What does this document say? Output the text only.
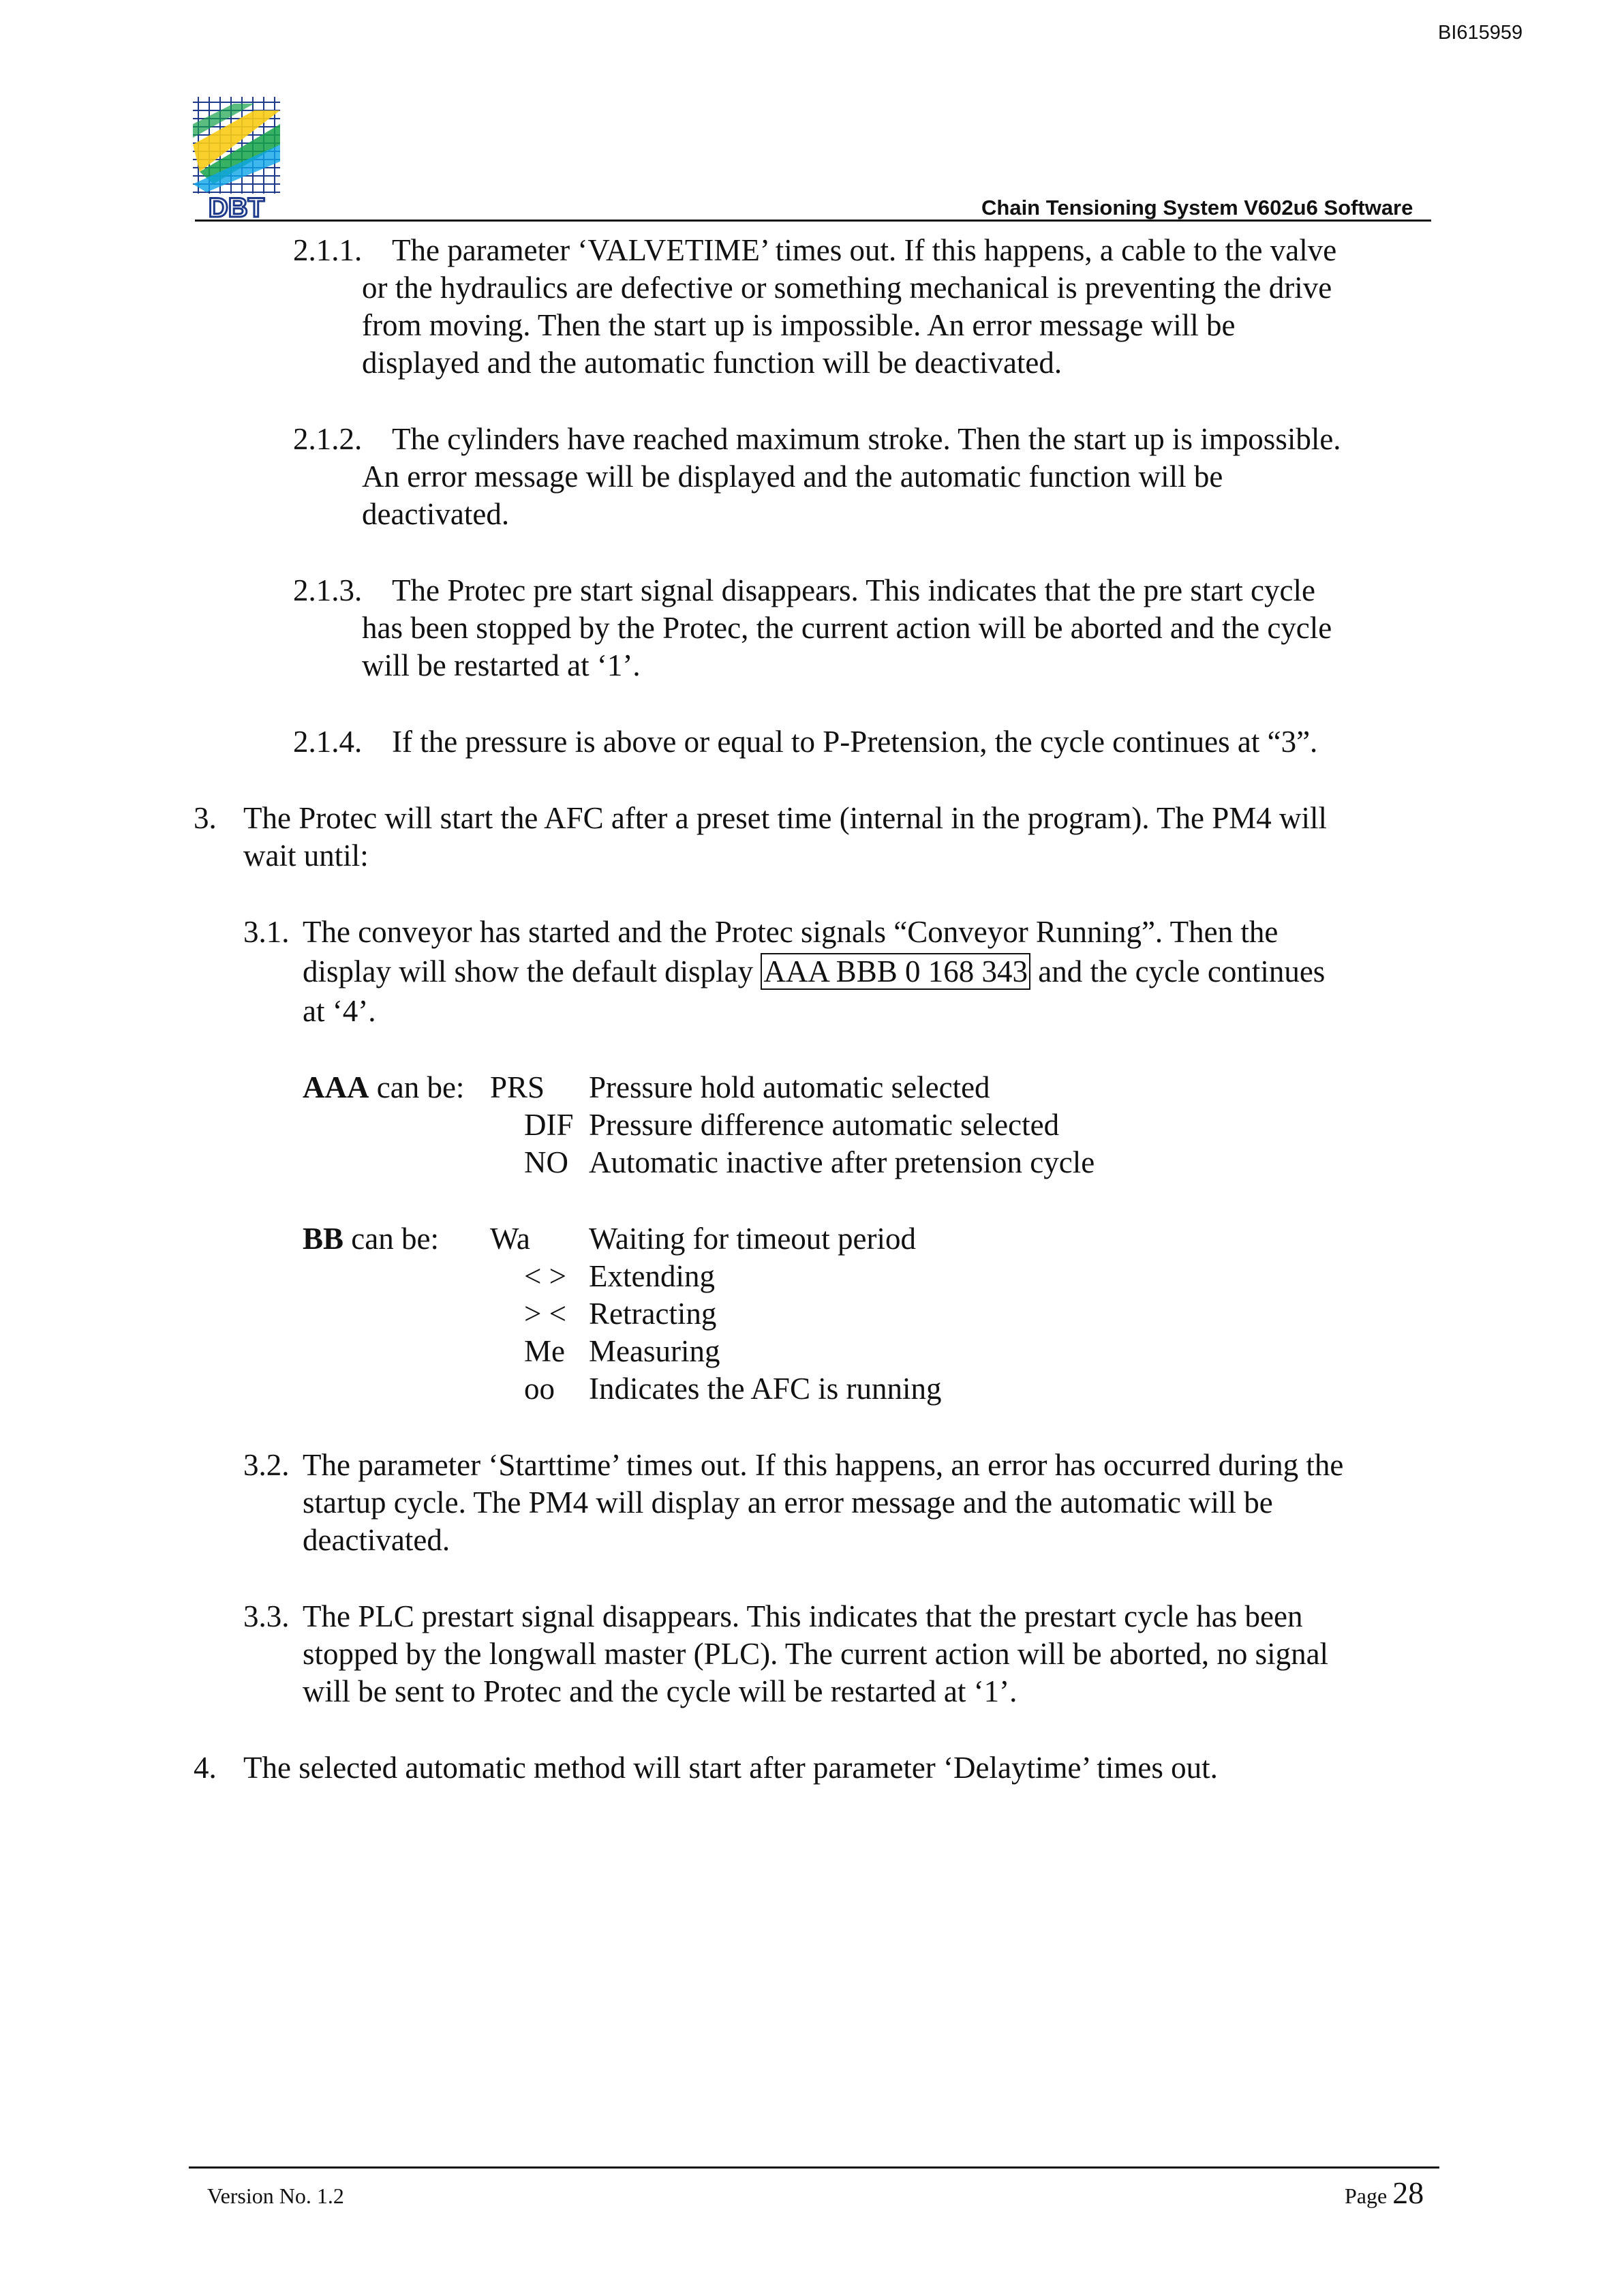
BI615959
DBT	Chain Tensioning System V602u6 Software
2.1.1. The parameter ‘VALVETIME’ times out. If this happens, a cable to the valve
or the hydraulics are defective or something mechanical is preventing the drive
from moving. Then the start up is impossible. An error message will be
displayed and the automatic function will be deactivated.
2.1.2. The cylinders have reached maximum stroke. Then the start up is impossible.
An error message will be displayed and the automatic function will be
deactivated.
2.1.3. The Protec pre start signal disappears. This indicates that the pre start cycle
has been stopped by the Protec, the current action will be aborted and the cycle
will be restarted at ‘1’.
2.1.4. If the pressure is above or equal to P-Pretension, the cycle continues at “3”.
3. The Protec will start the AFC after a preset time (internal in the program). The PM4 will
wait until:
3.1. The conveyor has started and the Protec signals “Conveyor Running”. Then the
display will show the default display AAA BBB 0 168 343 and the cycle continues
at ‘4’.
AAA can be: PRS Pressure hold automatic selected
DIF Pressure difference automatic selected
NO Automatic inactive after pretension cycle
BB can be: Wa Waiting for timeout period
< > Extending
> < Retracting
Me Measuring
oo Indicates the AFC is running
3.2. The parameter ‘Starttime’ times out. If this happens, an error has occurred during the
startup cycle. The PM4 will display an error message and the automatic will be
deactivated.
3.3. The PLC prestart signal disappears. This indicates that the prestart cycle has been
stopped by the longwall master (PLC). The current action will be aborted, no signal
will be sent to Protec and the cycle will be restarted at ‘1’.
4. The selected automatic method will start after parameter ‘Delaytime’ times out.
Version No. 1.2	Page 28
